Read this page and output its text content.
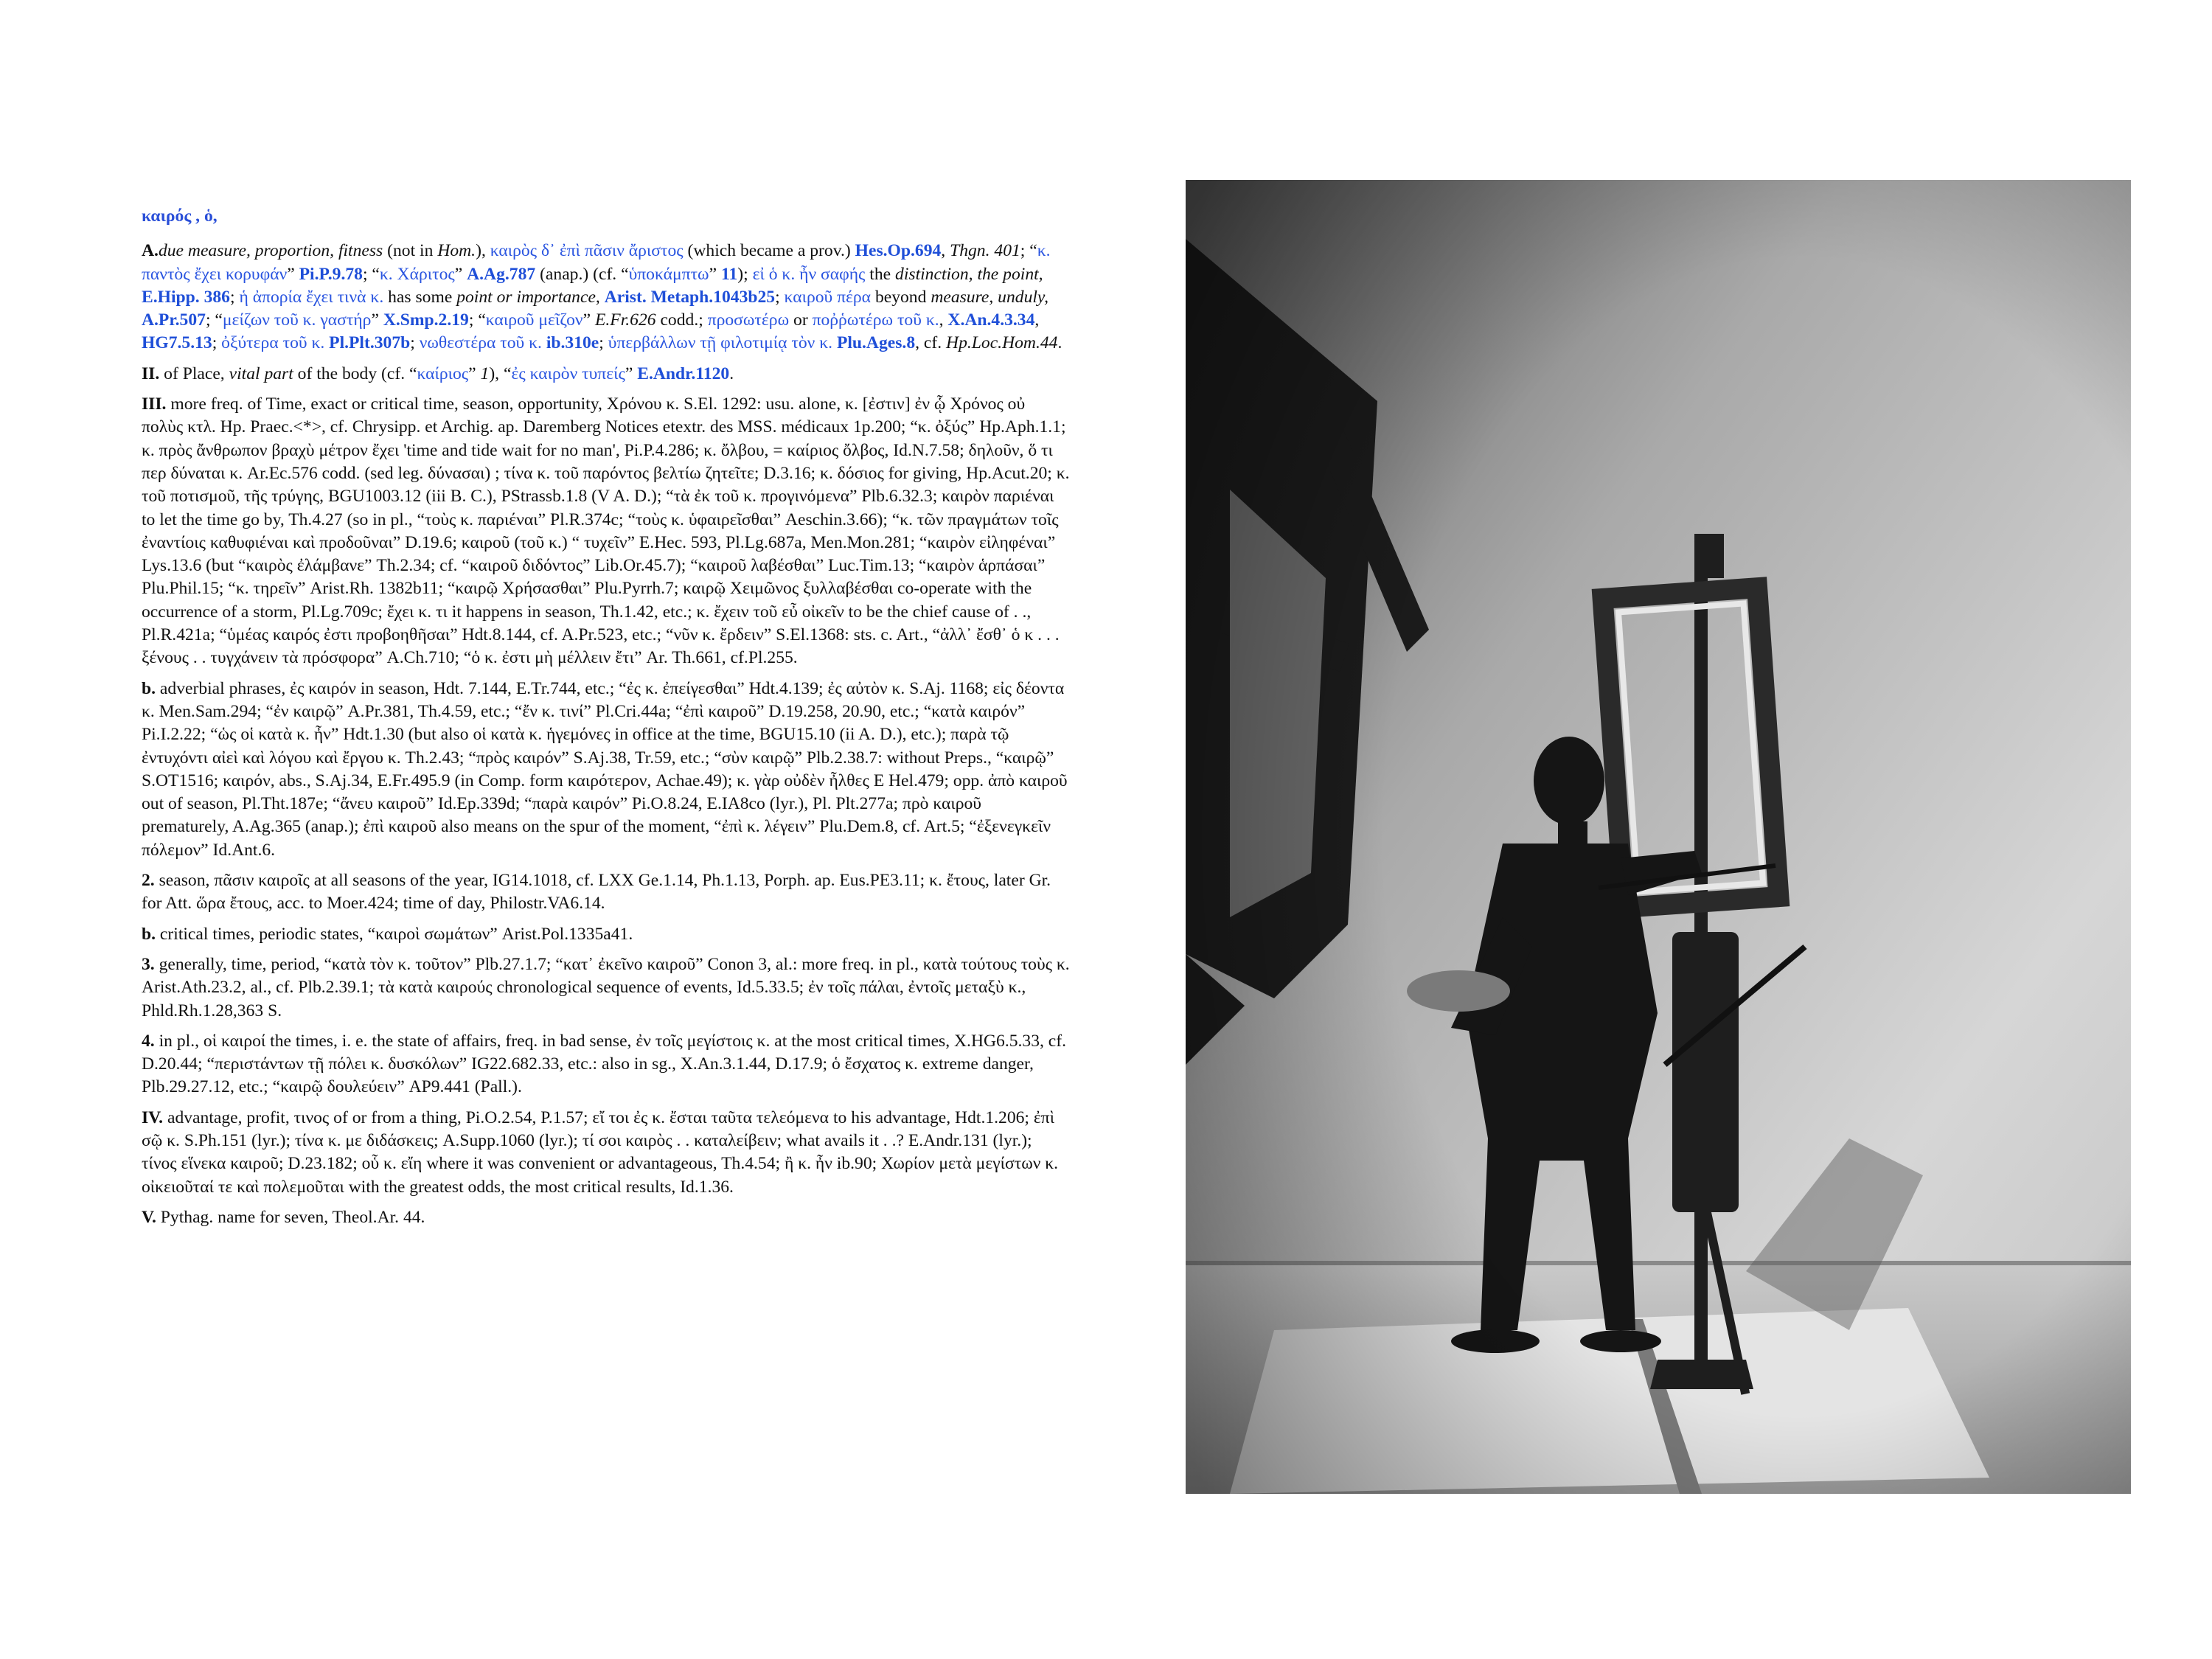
καιρός , ὁ,

A.due measure, proportion, fitness (not in Hom.), καιρὸς δ᾽ ἐπὶ πᾶσιν ἄριστος (which became a prov.) Hes.Op.694, Thgn. 401; “κ. παντὸς ἔχει κορυφάν” Pi.P.9.78; “κ. Χάριτος” A.Ag.787 (anap.) (cf. “ὑποκάμπτω” 11); εἰ ὁ κ. ἦν σαφής the distinction, the point, E.Hipp. 386; ἡ ἀπορία ἔχει τινὰ κ. has some point or importance, Arist. Metaph.1043b25; καιροῦ πέρα beyond measure, unduly, A.Pr.507; “μείζων τοῦ κ. γαστήρ” X.Smp.2.19; “καιροῦ μεῖζον” E.Fr.626 codd.; προσωτέρω or ποῤῥωτέρω τοῦ κ., X.An.4.3.34, HG7.5.13; ὀξύτερα τοῦ κ. Pl.Plt.307b; νωθεστέρα τοῦ κ. ib.310e; ὑπερβάλλων τῇ φιλοτιμίᾳ τὸν κ. Plu.Ages.8, cf. Hp.Loc.Hom.44.

II. of Place, vital part of the body (cf. “καίριος” 1), “ἐς καιρὸν τυπείς” E.Andr.1120.

III. more freq. of Time, exact or critical time, season, opportunity, Χρόνου κ. S.El. 1292: usu. alone, κ. [ἐστιν] ἐν ᾧ Χρόνος οὐ πολὺς κτλ. Hp. Praec.<*>, cf. Chrysipp. et Archig. ap. Daremberg Notices etextr. des MSS. médicaux 1p.200; “κ. ὀξύς” Hp.Aph.1.1; κ. πρὸς ἄνθρωπον βραχὺ μέτρον ἔχει 'time and tide wait for no man', Pi.P.4.286; κ. ὄλβου, = καίριος ὄλβος, Id.N.7.58; δηλοῦν, ὅ τι περ δύναται κ. Ar.Ec.576 codd. (sed leg. δύνασαι) ; τίνα κ. τοῦ παρόντος βελτίω ζητεῖτε; D.3.16; κ. δόσιος for giving, Hp.Acut.20; κ. τοῦ ποτισμοῦ, τῆς τρύγης, BGU1003.12 (iii B. C.), PStrassb.1.8 (V A. D.); “τὰ ἐκ τοῦ κ. προγινόμενα” Plb.6.32.3; καιρὸν παριέναι to let the time go by, Th.4.27 (so in pl., “τοὺς κ. παριέναι” Pl.R.374c; “τοὺς κ. ὑφαιρεῖσθαι” Aeschin.3.66); “κ. τῶν πραγμάτων τοῖς ἐναντίοις καθυφιέναι καὶ προδοῦναι” D.19.6; καιροῦ (τοῦ κ.) “ τυχεῖν” E.Hec. 593, Pl.Lg.687a, Men.Mon.281; “καιρὸν εἰληφέναι” Lys.13.6 (but “καιρὸς ἐλάμβανε” Th.2.34; cf. “καιροῦ διδόντος” Lib.Or.45.7); “καιροῦ λαβέσθαι” Luc.Tim.13; “καιρὸν ἁρπάσαι” Plu.Phil.15; “κ. τηρεῖν” Arist.Rh. 1382b11; “καιρῷ Χρήσασθαι” Plu.Pyrrh.7; καιρῷ Χειμῶνος ξυλλαβέσθαι co-operate with the occurrence of a storm, Pl.Lg.709c; ἔχει κ. τι it happens in season, Th.1.42, etc.; κ. ἔχειν τοῦ εὖ οἰκεῖν to be the chief cause of . ., Pl.R.421a; “ὑμέας καιρός ἐστι προβοηθῆσαι” Hdt.8.144, cf. A.Pr.523, etc.; “νῦν κ. ἔρδειν” S.El.1368: sts. c. Art., “ἀλλ᾽ ἔσθ᾽ ὁ κ . . . ξένους . . τυγχάνειν τὰ πρόσφορα” A.Ch.710; “ὁ κ. ἐστι μὴ μέλλειν ἔτι” Ar. Th.661, cf.Pl.255.

b. adverbial phrases, ἐς καιρόν in season, Hdt. 7.144, E.Tr.744, etc.; “ἐς κ. ἐπείγεσθαι” Hdt.4.139; ἐς αὐτὸν κ. S.Aj. 1168; εἰς δέοντα κ. Men.Sam.294; “ἐν καιρῷ” A.Pr.381, Th.4.59, etc.; “ἔν κ. τινί” Pl.Cri.44a; “ἐπὶ καιροῦ” D.19.258, 20.90, etc.; “κατὰ καιρόν” Pi.I.2.22; “ὡς οἱ κατὰ κ. ἦν” Hdt.1.30 (but also οἱ κατὰ κ. ἡγεμόνες in office at the time, BGU15.10 (ii A. D.), etc.); παρὰ τῷ ἐντυχόντι αἰεὶ καὶ λόγου καὶ ἔργου κ. Th.2.43; “πρὸς καιρόν” S.Aj.38, Tr.59, etc.; “σὺν καιρῷ” Plb.2.38.7: without Preps., “καιρῷ” S.OT1516; καιρόν, abs., S.Aj.34, E.Fr.495.9 (in Comp. form καιρότερον, Achae.49); κ. γὰρ οὐδὲν ἦλθες E Hel.479; opp. ἀπὸ καιροῦ out of season, Pl.Tht.187e; “ἄνευ καιροῦ” Id.Ep.339d; “παρὰ καιρόν” Pi.O.8.24, E.IA8co (lyr.), Pl. Plt.277a; πρὸ καιροῦ prematurely, A.Ag.365 (anap.); ἐπὶ καιροῦ also means on the spur of the moment, “ἐπὶ κ. λέγειν” Plu.Dem.8, cf. Art.5; “ἐξενεγκεῖν πόλεμον” Id.Ant.6.

2. season, πᾶσιν καιροῖς at all seasons of the year, IG14.1018, cf. LXX Ge.1.14, Ph.1.13, Porph. ap. Eus.PE3.11; κ. ἔτους, later Gr. for Att. ὥρα ἔτους, acc. to Moer.424; time of day, Philostr.VA6.14.

b. critical times, periodic states, “καιροὶ σωμάτων” Arist.Pol.1335a41.

3. generally, time, period, “κατὰ τὸν κ. τοῦτον” Plb.27.1.7; “κατ᾽ ἐκεῖνο καιροῦ” Conon 3, al.: more freq. in pl., κατὰ τούτους τοὺς κ. Arist.Ath.23.2, al., cf. Plb.2.39.1; τὰ κατὰ καιρούς chronological sequence of events, Id.5.33.5; ἐν τοῖς πάλαι, ἐντοῖς μεταξὺ κ., Phld.Rh.1.28,363 S.

4. in pl., οἱ καιροί the times, i. e. the state of affairs, freq. in bad sense, ἐν τοῖς μεγίστοις κ. at the most critical times, X.HG6.5.33, cf. D.20.44; “περιστάντων τῇ πόλει κ. δυσκόλων” IG22.682.33, etc.: also in sg., X.An.3.1.44, D.17.9; ὁ ἔσχατος κ. extreme danger, Plb.29.27.12, etc.; “καιρῷ δουλεύειν” AP9.441 (Pall.).

IV. advantage, profit, τινος of or from a thing, Pi.O.2.54, P.1.57; εἴ τοι ἐς κ. ἔσται ταῦτα τελεόμενα to his advantage, Hdt.1.206; ἐπὶ σῷ κ. S.Ph.151 (lyr.); τίνα κ. με διδάσκεις; A.Supp.1060 (lyr.); τί σοι καιρὸς . . καταλείβειν; what avails it . .? E.Andr.131 (lyr.); τίνος εἵνεκα καιροῦ; D.23.182; οὗ κ. εἴη where it was convenient or advantageous, Th.4.54; ἢ κ. ἦν ib.90; Χωρίον μετὰ μεγίστων κ. οἰκειοῦταί τε καὶ πολεμοῦται with the greatest odds, the most critical results, Id.1.36.

V. Pythag. name for seven, Theol.Ar. 44.
